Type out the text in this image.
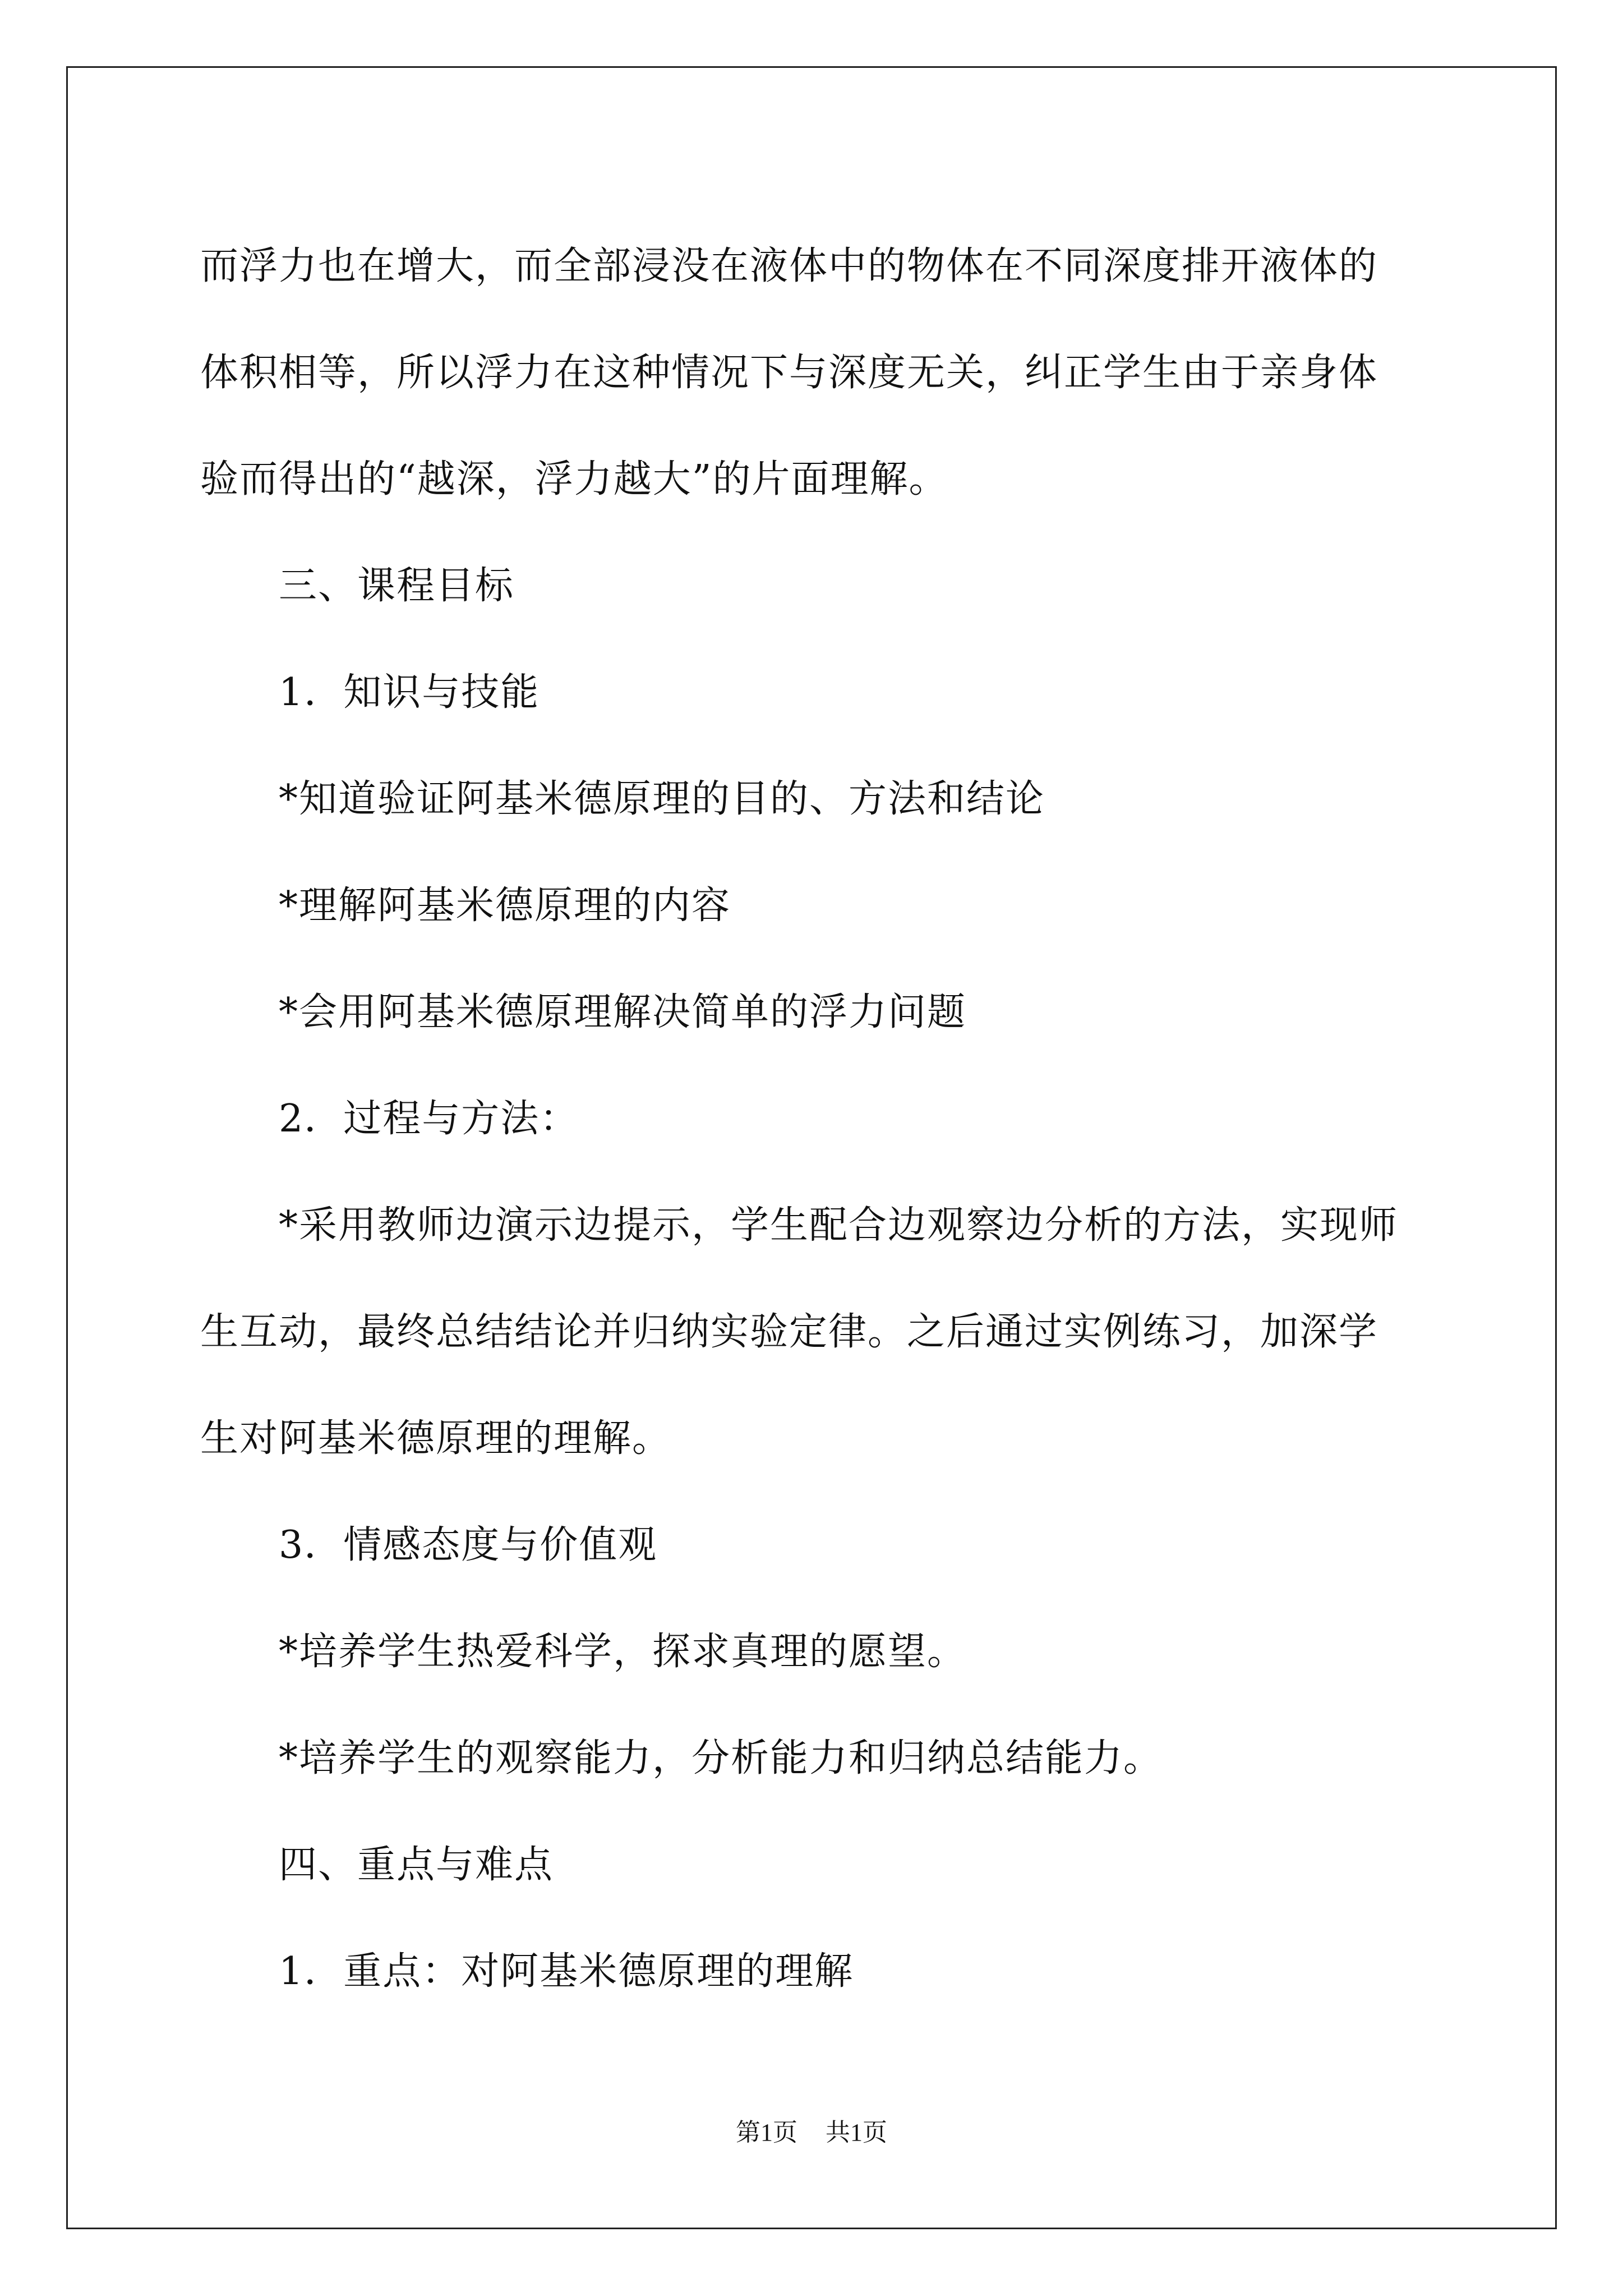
而浮力也在增大，而全部浸没在液体中的物体在不同深度排开液体的
体积相等，所以浮力在这种情况下与深度无关，纠正学生由于亲身体
验而得出的“越深，浮力越大”的片面理解。
三、课程目标
1．知识与技能
*知道验证阿基米德原理的目的、方法和结论
*理解阿基米德原理的内容
*会用阿基米德原理解决简单的浮力问题
2．过程与方法：
*采用教师边演示边提示，学生配合边观察边分析的方法，实现师
生互动，最终总结结论并归纳实验定律。之后通过实例练习，加深学
生对阿基米德原理的理解。
3．情感态度与价值观
*培养学生热爱科学，探求真理的愿望。
*培养学生的观察能力，分析能力和归纳总结能力。
四、重点与难点
1．重点：对阿基米德原理的理解
第1页 共1页
